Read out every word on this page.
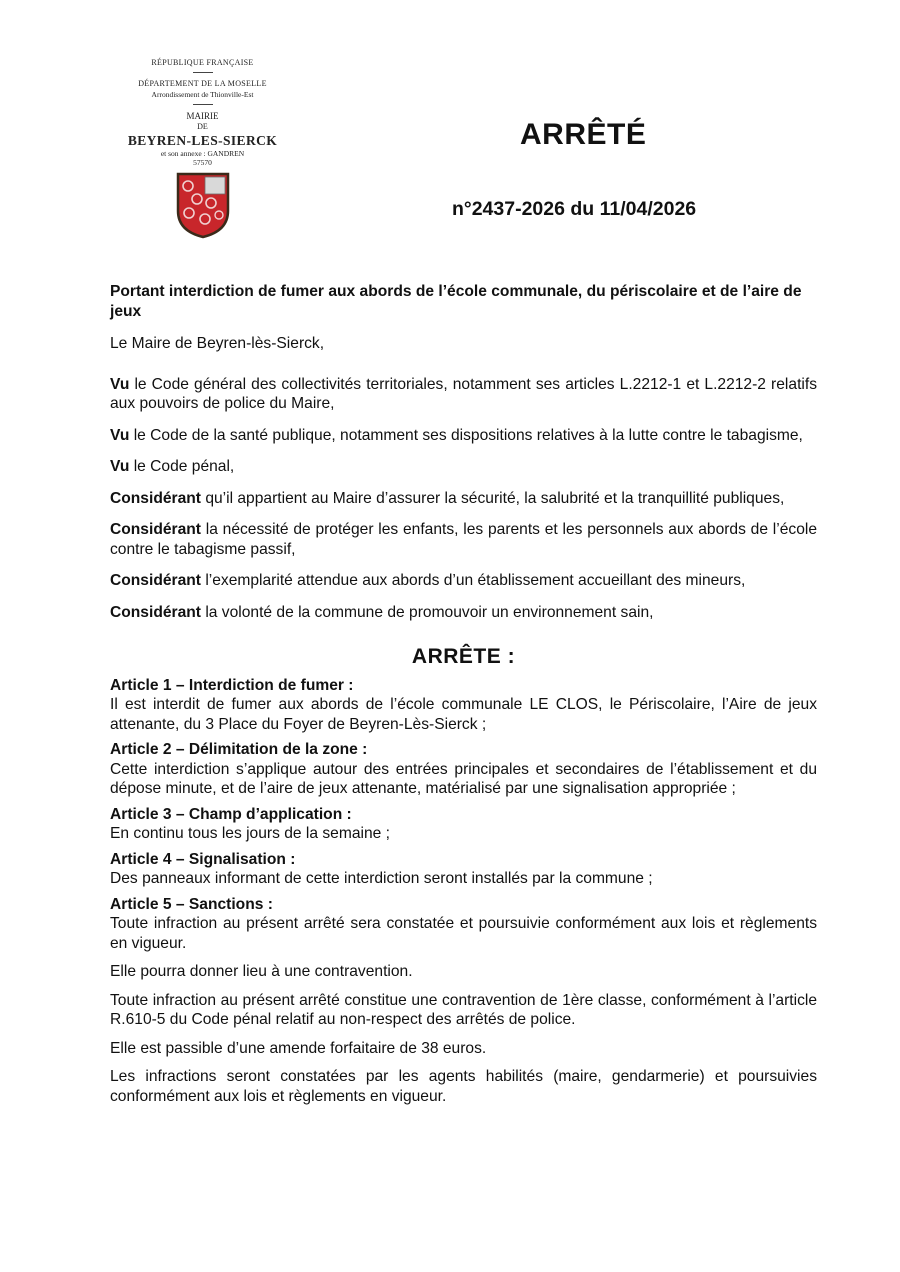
RÉPUBLIQUE FRANÇAISE
DÉPARTEMENT DE LA MOSELLE
Arrondissement de Thionville-Est
MAIRIE
DE
BEYREN-LES-SIERCK
et son annexe : GANDREN
57570
ARRÊTÉ
n°2437-2026 du 11/04/2026

Portant interdiction de fumer aux abords de l’école communale, du périscolaire et de l’aire de jeux

Le Maire de Beyren-lès-Sierck,

Vu le Code général des collectivités territoriales, notamment ses articles L.2212-1 et L.2212-2 relatifs aux pouvoirs de police du Maire,

Vu le Code de la santé publique, notamment ses dispositions relatives à la lutte contre le tabagisme,

Vu le Code pénal,

Considérant qu’il appartient au Maire d’assurer la sécurité, la salubrité et la tranquillité publiques,

Considérant la nécessité de protéger les enfants, les parents et les personnels aux abords de l’école contre le tabagisme passif,

Considérant l’exemplarité attendue aux abords d’un établissement accueillant des mineurs,

Considérant la volonté de la commune de promouvoir un environnement sain,

ARRÊTE :

Article 1 – Interdiction de fumer :

Il est interdit de fumer aux abords de l’école communale LE CLOS, le Périscolaire, l’Aire de jeux attenante, du 3 Place du Foyer de Beyren-Lès-Sierck ;

Article 2 – Délimitation de la zone :

Cette interdiction s’applique autour des entrées principales et secondaires de l’établissement et du dépose minute, et de l’aire de jeux attenante, matérialisé par une signalisation appropriée ;

Article 3 – Champ d’application :

En continu tous les jours de la semaine ;

Article 4 – Signalisation :

Des panneaux informant de cette interdiction seront installés par la commune ;

Article 5 – Sanctions :

Toute infraction au présent arrêté sera constatée et poursuivie conformément aux lois et règlements en vigueur.

Elle pourra donner lieu à une contravention.

Toute infraction au présent arrêté constitue une contravention de 1ère classe, conformément à l’article R.610-5 du Code pénal relatif au non-respect des arrêtés de police.

Elle est passible d’une amende forfaitaire de 38 euros.

Les infractions seront constatées par les agents habilités (maire, gendarmerie) et poursuivies conformément aux lois et règlements en vigueur.
